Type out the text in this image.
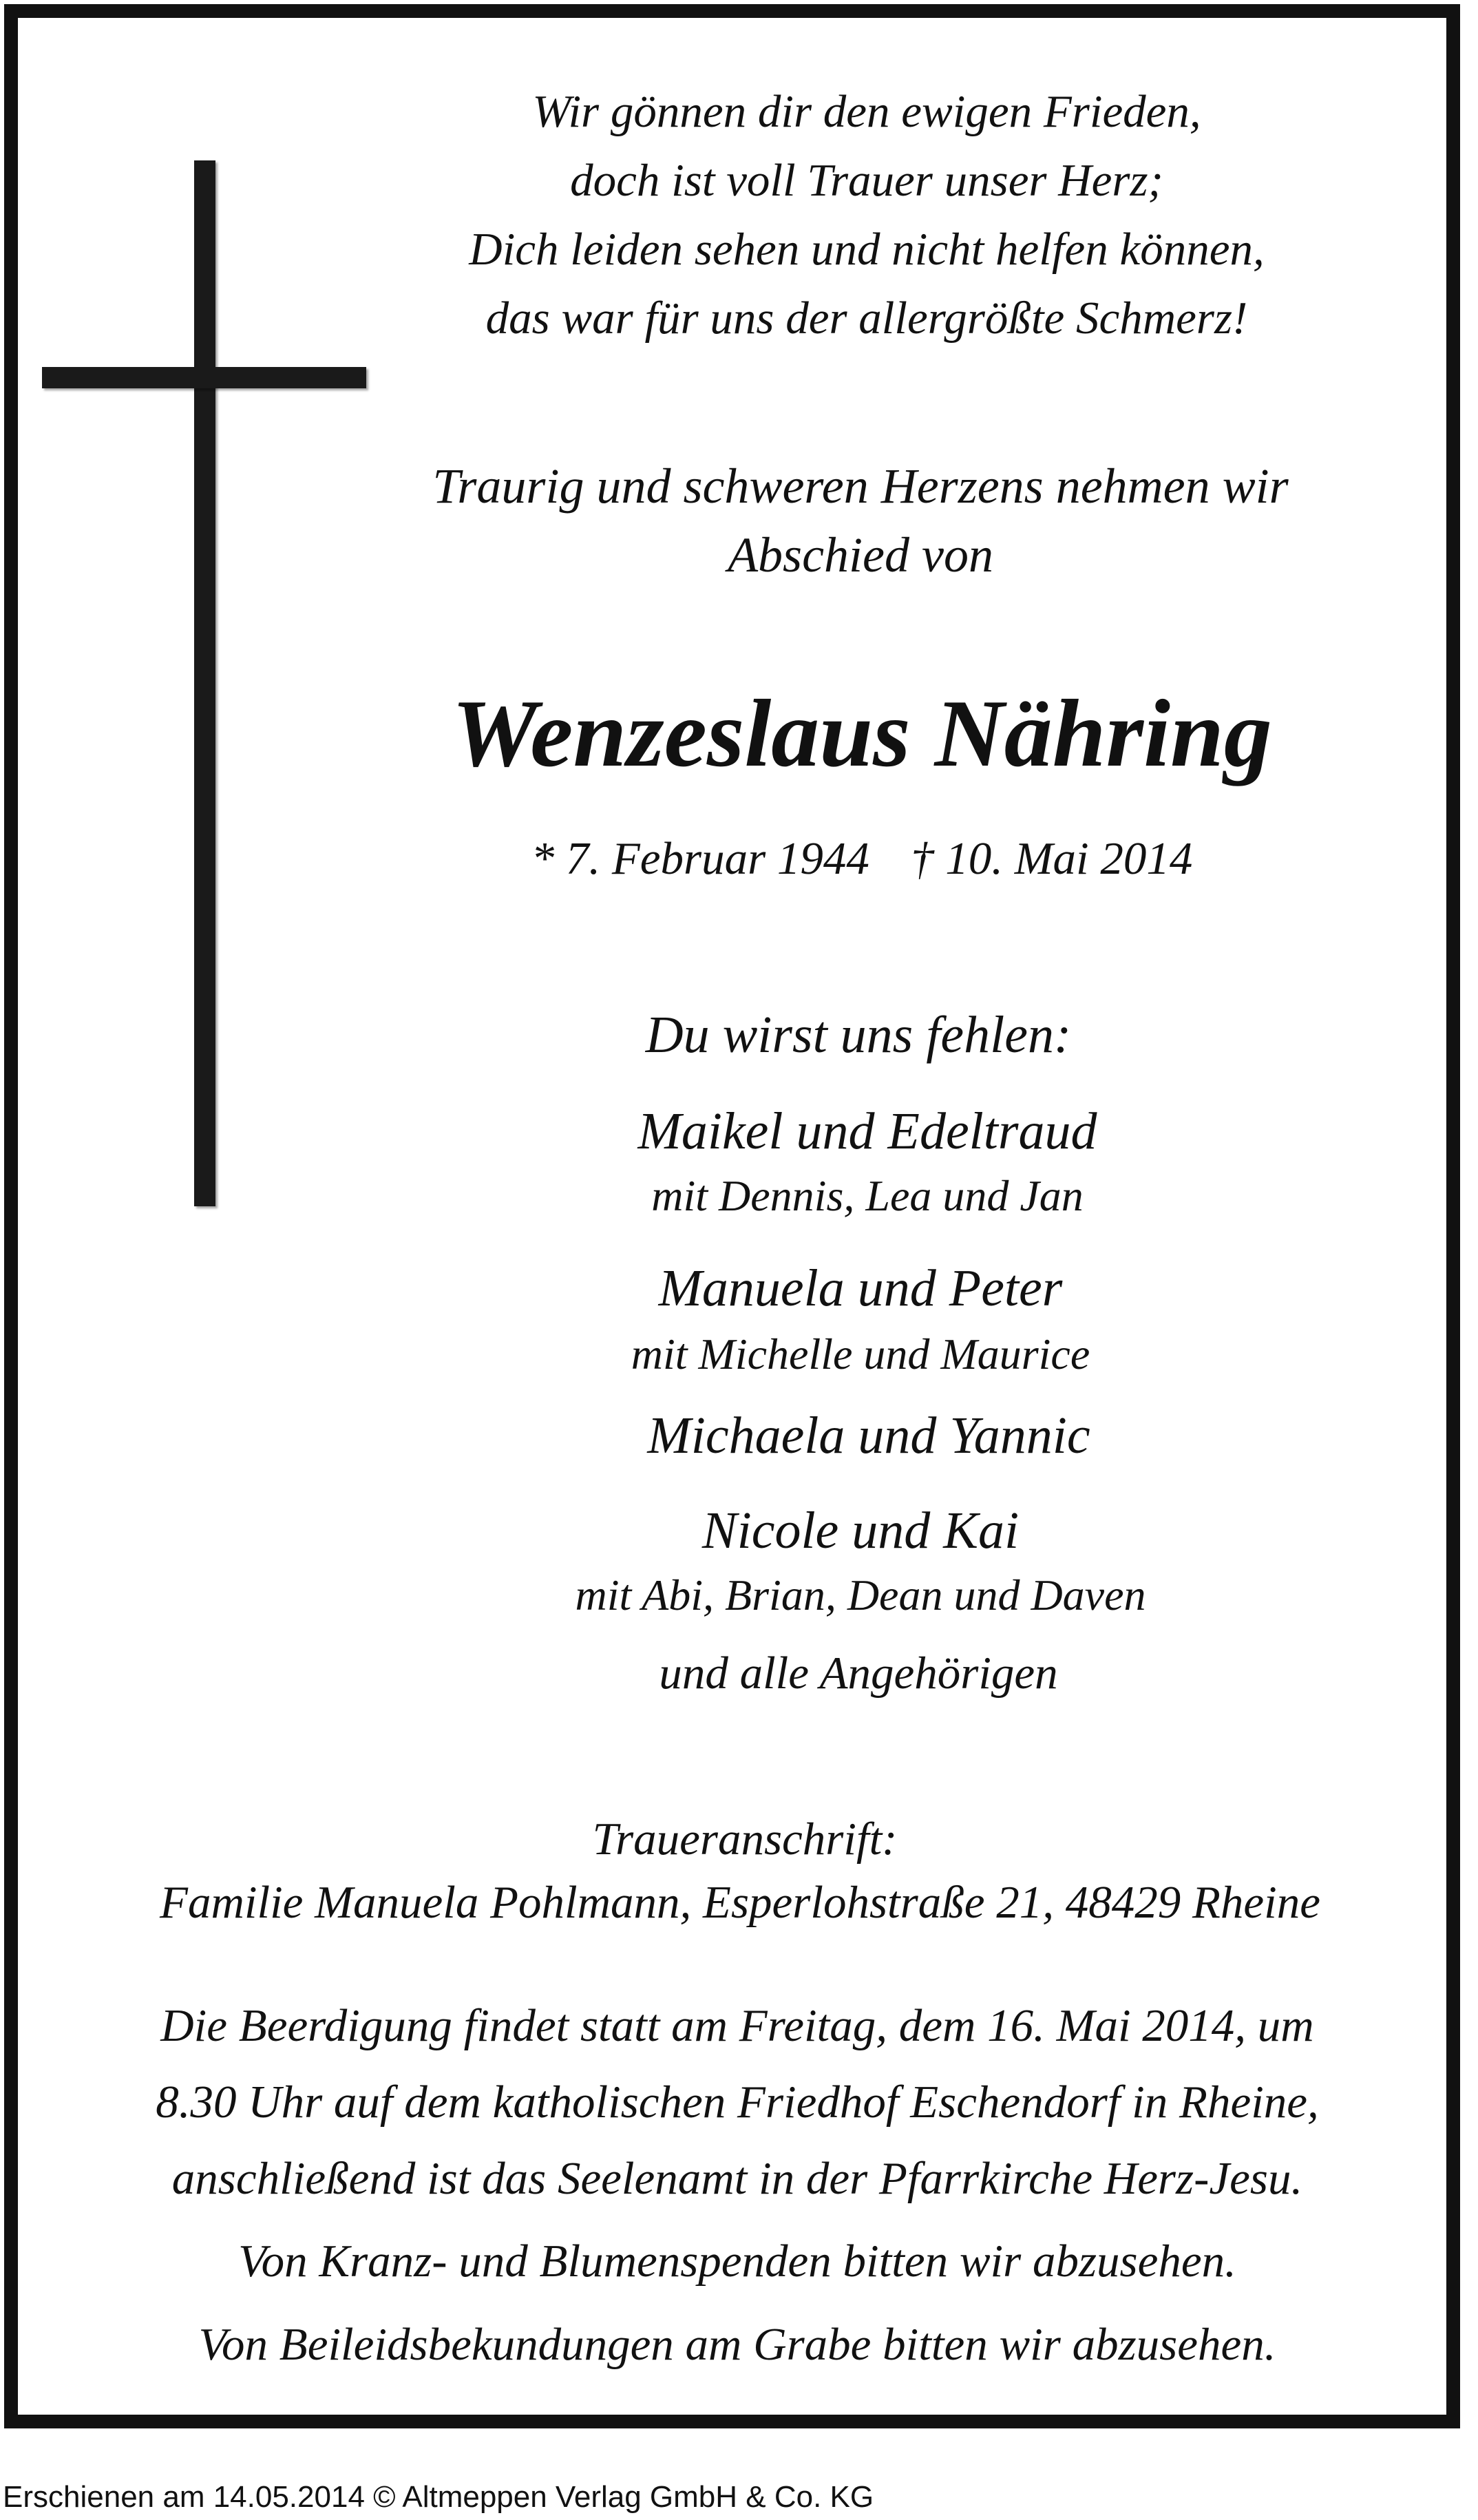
Wir gönnen dir den ewigen Frieden,
doch ist voll Trauer unser Herz;
Dich leiden sehen und nicht helfen können,
das war für uns der allergrößte Schmerz!
Traurig und schweren Herzens nehmen wir
Abschied von
Wenzeslaus Nähring
* 7. Februar 1944 † 10. Mai 2014
Du wirst uns fehlen:
Maikel und Edeltraud
mit Dennis, Lea und Jan
Manuela und Peter
mit Michelle und Maurice
Michaela und Yannic
Nicole und Kai
mit Abi, Brian, Dean und Daven
und alle Angehörigen
Traueranschrift:
Familie Manuela Pohlmann, Esperlohstraße 21, 48429 Rheine
Die Beerdigung findet statt am Freitag, dem 16. Mai 2014, um
8.30 Uhr auf dem katholischen Friedhof Eschendorf in Rheine,
anschließend ist das Seelenamt in der Pfarrkirche Herz-Jesu.
Von Kranz- und Blumenspenden bitten wir abzusehen.
Von Beileidsbekundungen am Grabe bitten wir abzusehen.
Erschienen am 14.05.2014 © Altmeppen Verlag GmbH & Co. KG
